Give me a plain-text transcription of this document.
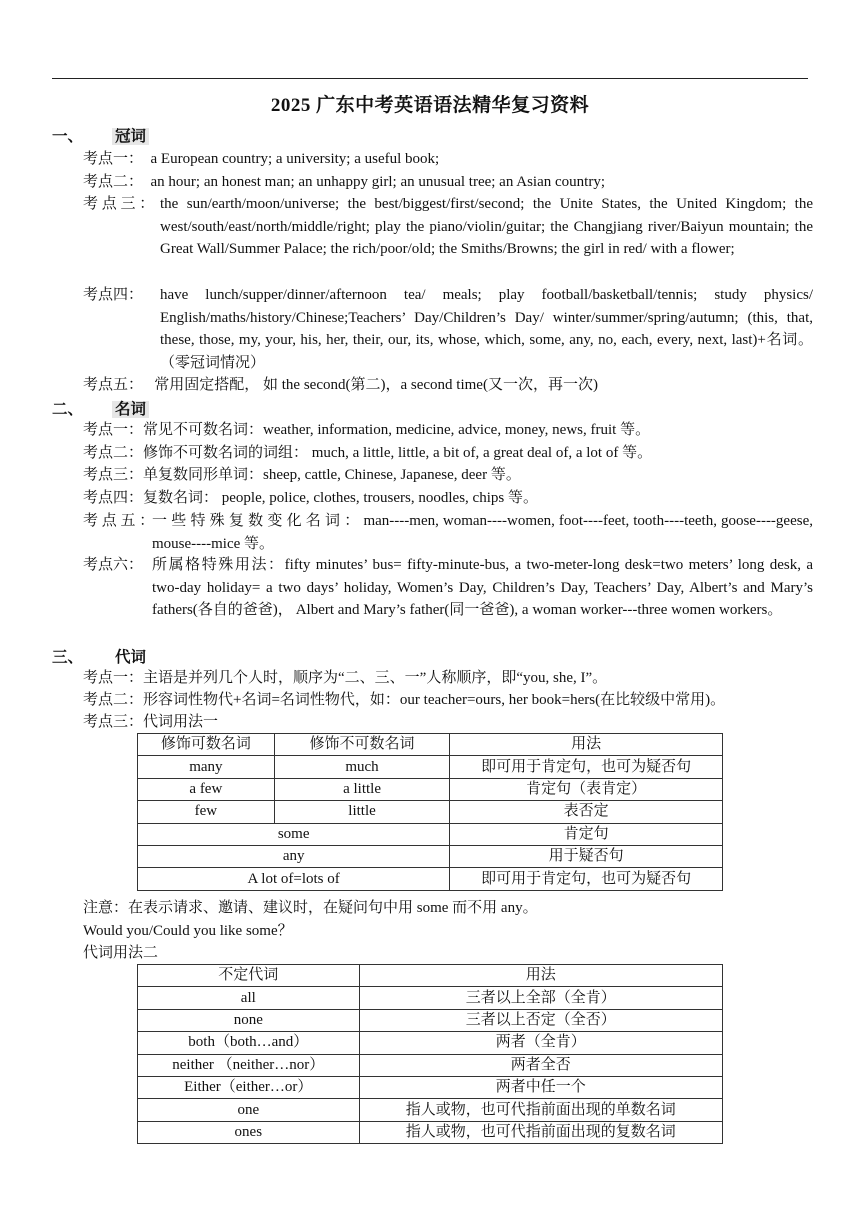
2025 广东中考英语语法精华复习资料
一、 冠词
考点一： a European country; a university; a useful book;
考点二： an hour; an honest man; an unhappy girl; an unusual tree; an Asian country;
考 点 三 ： the sun/earth/moon/universe; the best/biggest/first/second; the Unite States, the United Kingdom; the west/south/east/north/middle/right; play the piano/violin/guitar; the Changjiang river/Baiyun mountain; the Great Wall/Summer Palace; the rich/poor/old; the Smiths/Browns; the girl in red/ with a flower;
考点四： have lunch/supper/dinner/afternoon tea/ meals; play football/basketball/tennis; study physics/ English/maths/history/Chinese;Teachers’ Day/Children’s Day/ winter/summer/spring/autumn; (this, that, these, those, my, your, his, her, their, our, its, whose, which, some, any, no, each, every, next, last)+名词。（零冠词情况）
考点五： 常用固定搭配， 如 the second(第二)，a second time(又一次，再一次)
二、 名词
考点一：常见不可数名词：weather, information, medicine, advice, money, news, fruit 等。
考点二：修饰不可数名词的词组： much, a little, little, a bit of, a great deal of, a lot of 等。
考点三：单复数同形单词：sheep, cattle, Chinese, Japanese, deer 等。
考点四：复数名词： people, police, clothes, trousers, noodles, chips 等。
考 点 五 ：
一 些 特 殊 复 数 变 化 名 词 ： man----men, woman----women, foot----feet, tooth----teeth, goose----geese, mouse----mice 等。
考点六： 所属格特殊用法：fifty minutes’ bus= fifty-minute-bus, a two-meter-long desk=two meters’ long desk, a two-day holiday= a two days’ holiday, Women’s Day, Children’s Day, Teachers’ Day, Albert’s and Mary’s fathers(各自的爸爸)， Albert and Mary’s father(同一爸爸), a woman worker---three women workers。
三、 代词
考点一：主语是并列几个人时，顺序为“二、三、一”人称顺序，即“you, she, I”。
考点二：形容词性物代+名词=名词性物代，如：our teacher=ours, her book=hers(在比较级中常用)。
考点三：代词用法一
修饰可数名词	修饰不可数名词	用法
many	much	即可用于肯定句，也可为疑否句
a few	a little	肯定句（表肯定）
few	little	表否定
some		肯定句
any		用于疑否句
A lot of=lots of		即可用于肯定句，也可为疑否句
注意：在表示请求、邀请、建议时，在疑问句中用 some 而不用 any。
Would you/Could you like some？
代词用法二
不定代词	用法
all	三者以上全部（全肯）
none	三者以上否定（全否）
both（both…and）	两者（全肯）
neither （neither…nor）	两者全否
Either（either…or）	两者中任一个
one	指人或物，也可代指前面出现的单数名词
ones	指人或物，也可代指前面出现的复数名词
